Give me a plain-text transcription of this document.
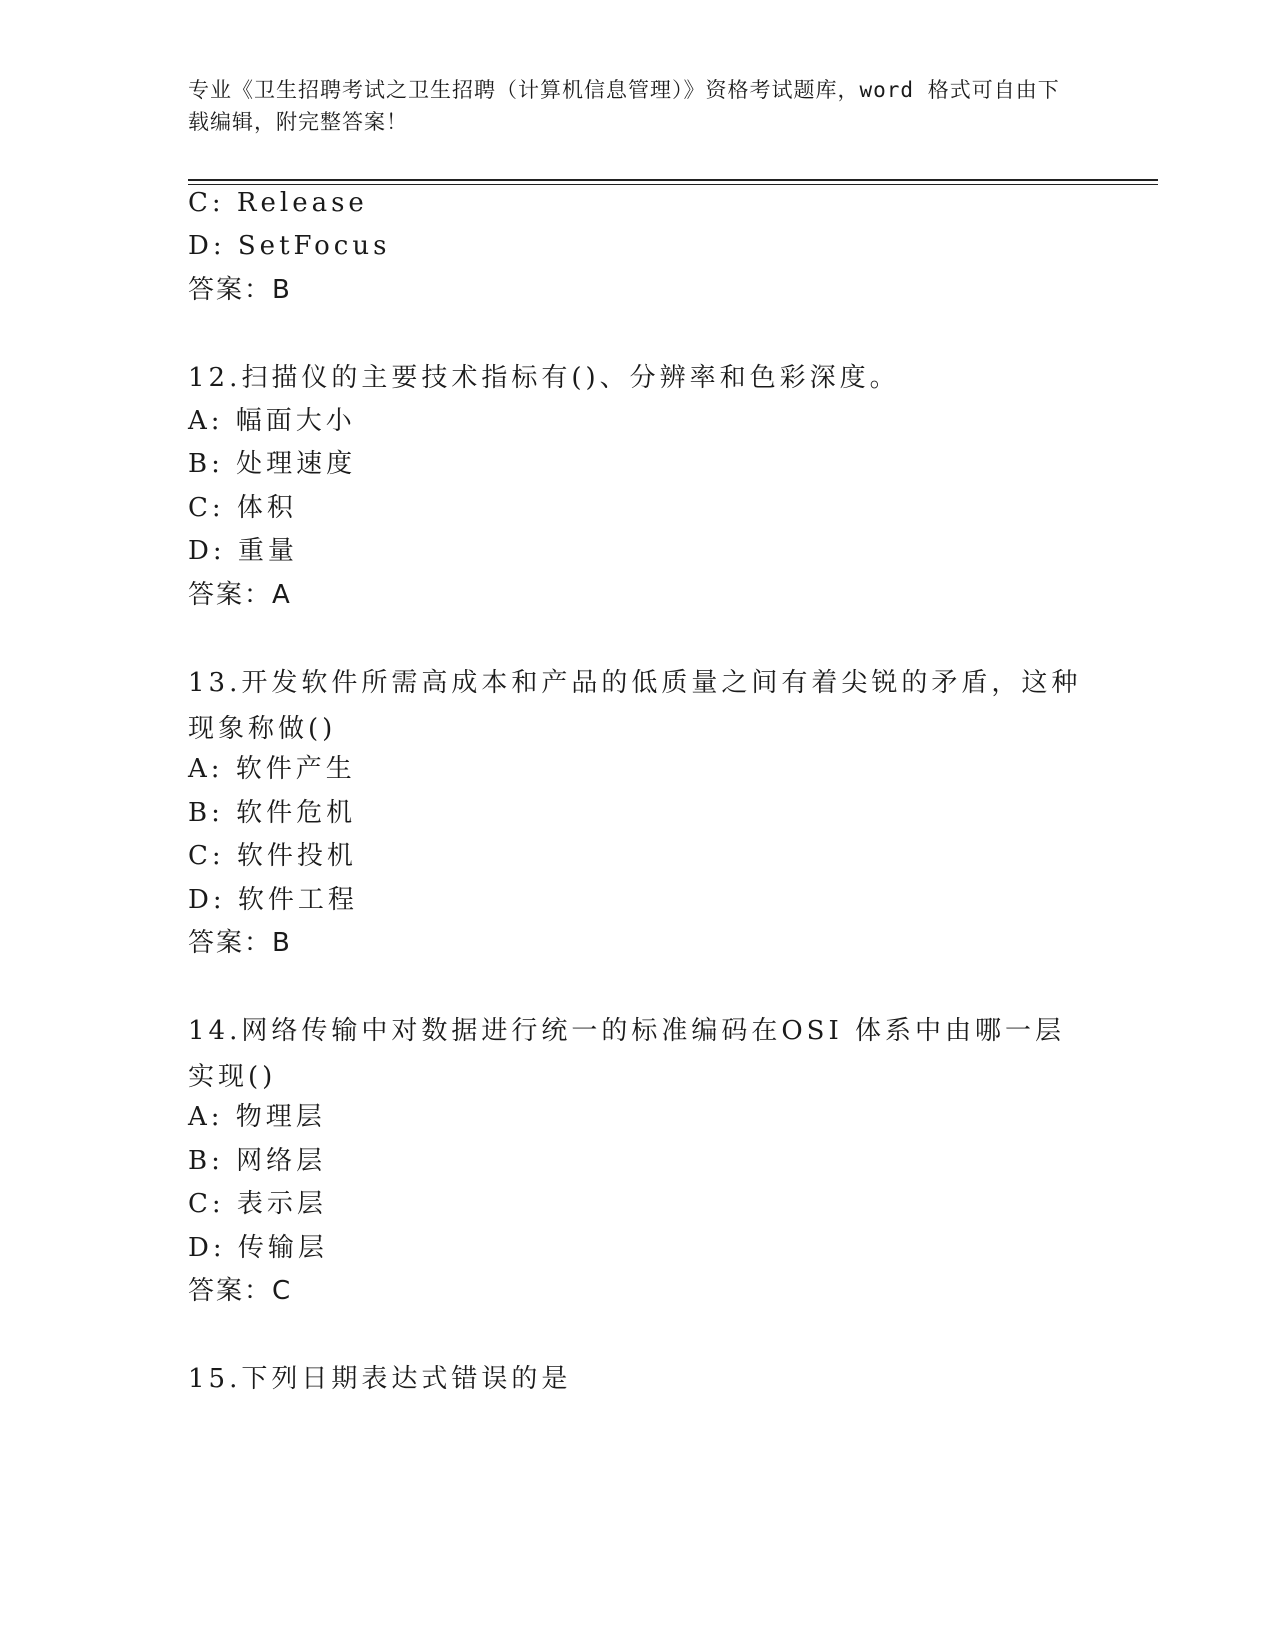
专业《卫生招聘考试之卫生招聘（计算机信息管理）》资格考试题库，word 格式可自由下载编辑，附完整答案！
C: Release
D: SetFocus
答案：B
12.扫描仪的主要技术指标有()、分辨率和色彩深度。
A: 幅面大小
B: 处理速度
C: 体积
D: 重量
答案：A
13.开发软件所需高成本和产品的低质量之间有着尖锐的矛盾，这种现象称做()
A: 软件产生
B: 软件危机
C: 软件投机
D: 软件工程
答案：B
14.网络传输中对数据进行统一的标准编码在OSI 体系中由哪一层实现()
A: 物理层
B: 网络层
C: 表示层
D: 传输层
答案：C
15.下列日期表达式错误的是
